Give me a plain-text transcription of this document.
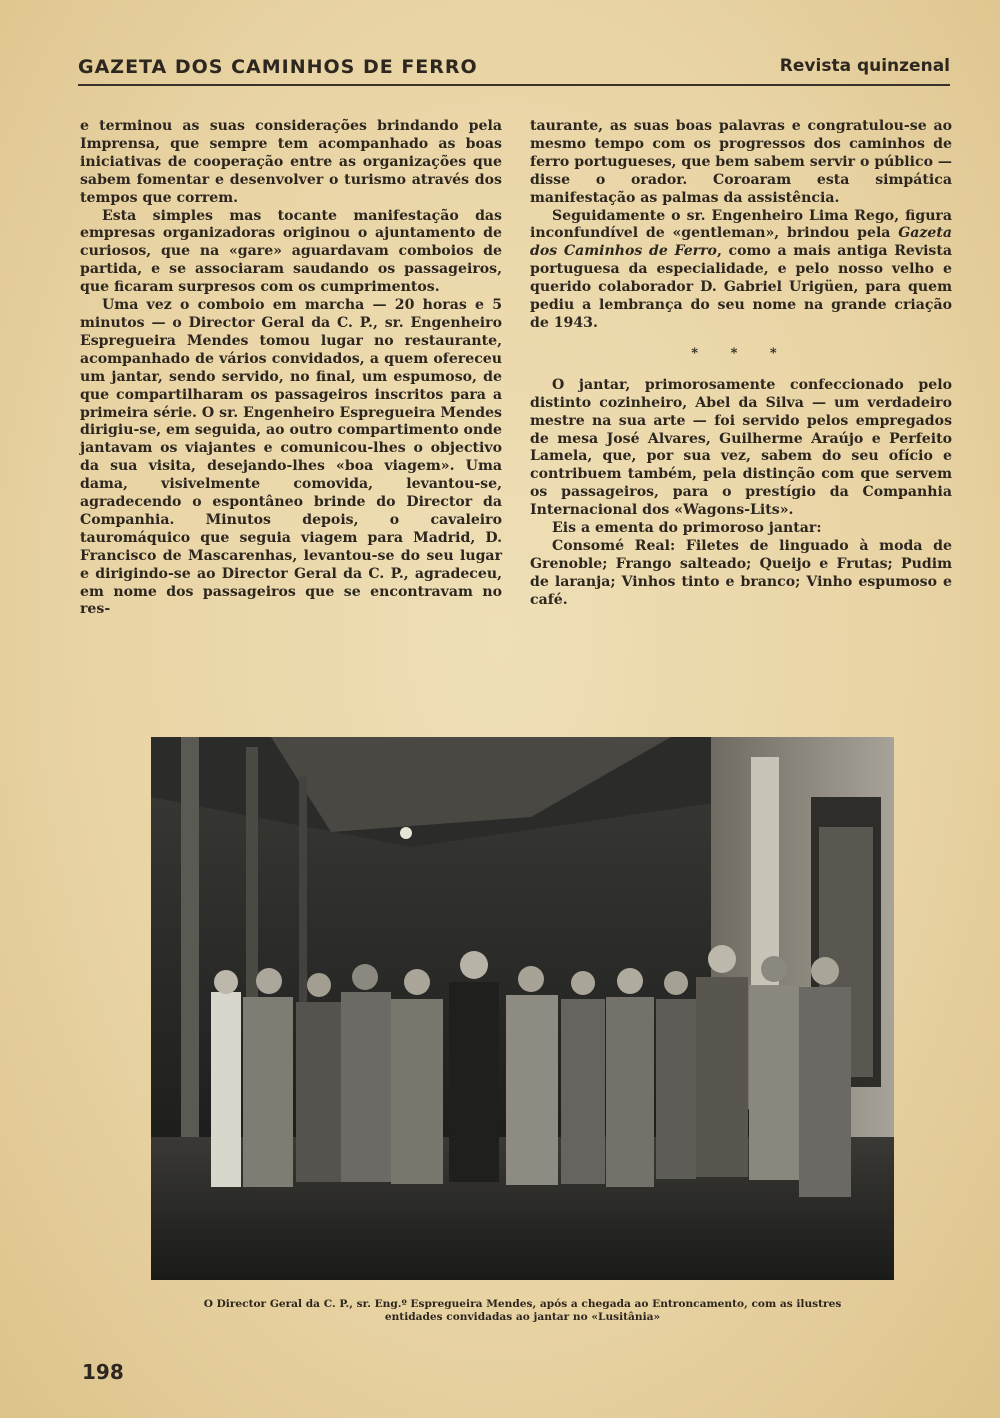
GAZETA DOS CAMINHOS DE FERRO	Revista quinzenal

e terminou as suas considerações brindando pela Imprensa, que sempre tem acompanhado as boas iniciativas de cooperação entre as organizações que sabem fomentar e desenvolver o turismo através dos tempos que correm.

Esta simples mas tocante manifestação das empresas organizadoras originou o ajuntamento de curiosos, que na «gare» aguardavam comboios de partida, e se associaram saudando os passageiros, que ficaram surpresos com os cumprimentos.

Uma vez o comboio em marcha — 20 horas e 5 minutos — o Director Geral da C. P., sr. Engenheiro Espregueira Mendes tomou lugar no restaurante, acompanhado de vários convidados, a quem ofereceu um jantar, sendo servido, no final, um espumoso, de que compartilharam os passageiros inscritos para a primeira série. O sr. Engenheiro Espregueira Mendes dirigiu-se, em seguida, ao outro compartimento onde jantavam os viajantes e comunicou-lhes o objectivo da sua visita, desejando-lhes «boa viagem». Uma dama, visivelmente comovida, levantou-se, agradecendo o espontâneo brinde do Director da Companhia. Minutos depois, o cavaleiro tauromáquico que seguia viagem para Madrid, D. Francisco de Mascarenhas, levantou-se do seu lugar e dirigindo-se ao Director Geral da C. P., agradeceu, em nome dos passageiros que se encontravam no res-

taurante, as suas boas palavras e congratulou-se ao mesmo tempo com os progressos dos caminhos de ferro portugueses, que bem sabem servir o público — disse o orador. Coroaram esta simpática manifestação as palmas da assistência.

Seguidamente o sr. Engenheiro Lima Rego, figura inconfundível de «gentleman», brindou pela Gazeta dos Caminhos de Ferro, como a mais antiga Revista portuguesa da especialidade, e pelo nosso velho e querido colaborador D. Gabriel Urigüen, para quem pediu a lembrança do seu nome na grande criação de 1943.

* * *

O jantar, primorosamente confeccionado pelo distinto cozinheiro, Abel da Silva — um verdadeiro mestre na sua arte — foi servido pelos empregados de mesa José Alvares, Guilherme Araújo e Perfeito Lamela, que, por sua vez, sabem do seu ofício e contribuem também, pela distinção com que servem os passageiros, para o prestígio da Companhia Internacional dos «Wagons-Lits».

Eis a ementa do primoroso jantar:

Consomé Real: Filetes de linguado à moda de Grenoble; Frango salteado; Queijo e Frutas; Pudim de laranja; Vinhos tinto e branco; Vinho espumoso e café.

O Director Geral da C. P., sr. Eng.º Espregueira Mendes, após a chegada ao Entroncamento, com as ilustres entidades convidadas ao jantar no «Lusitânia»
198
